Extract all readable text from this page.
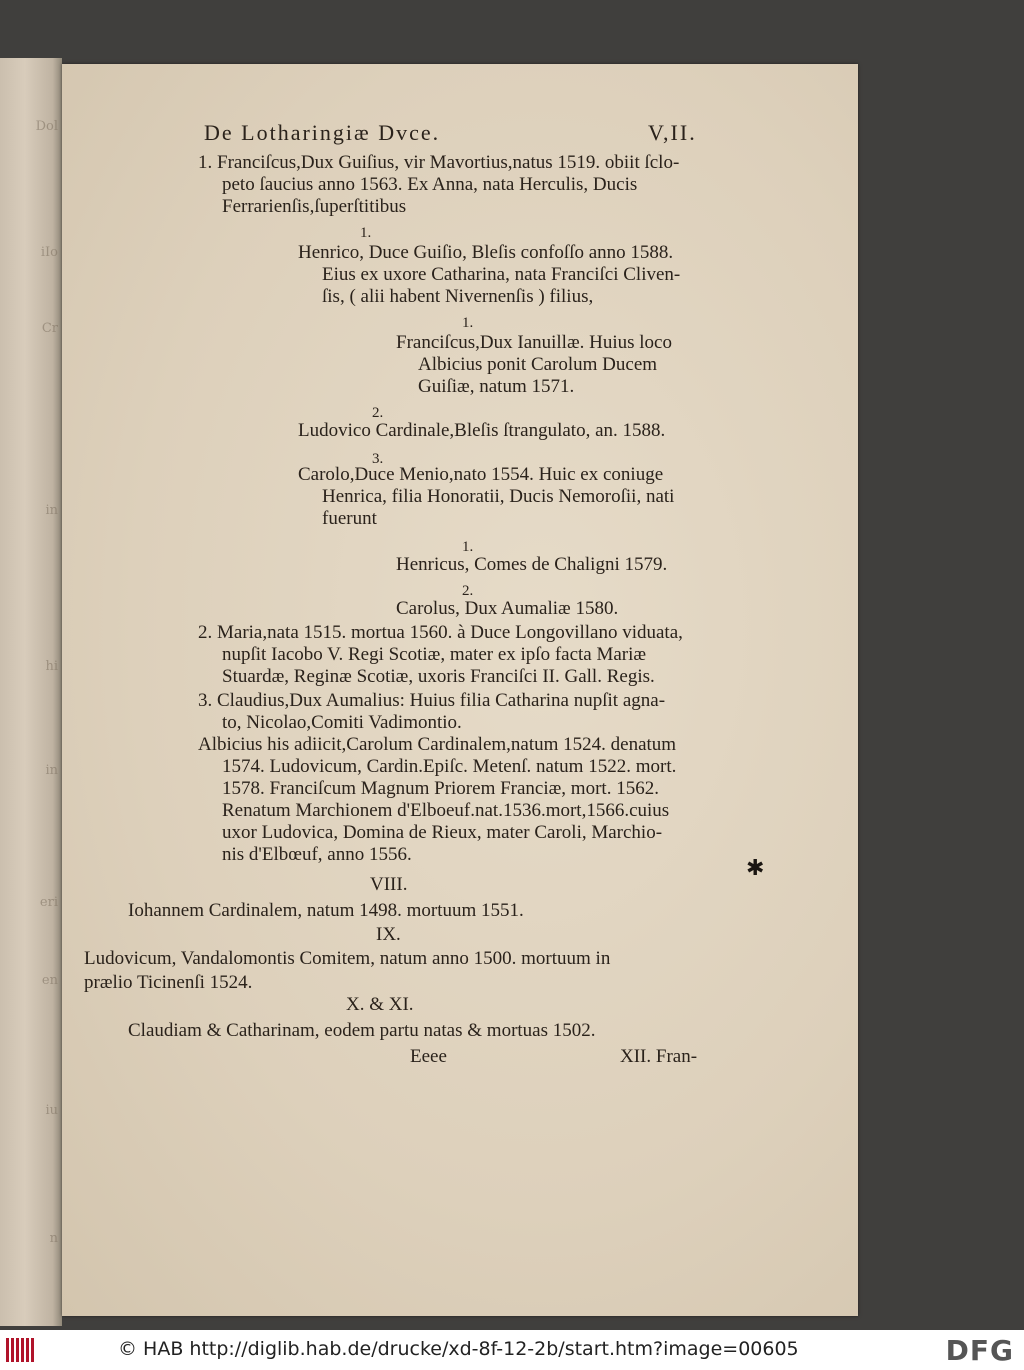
Dol
iIo
Cr
in
hi
in
eri
en
iu
n
De Lotharingiæ Dvce.	V,II.
1. Franciſcus,Dux Guiſius, vir Mavortius,natus 1519. obiit ſclo-
peto ſaucius anno 1563. Ex Anna, nata Herculis, Ducis
Ferrarienſis,ſuperſtitibus
1.
Henrico, Duce Guiſio, Bleſis confoſſo anno 1588.
Eius ex uxore Catharina, nata Franciſci Cliven-
ſis, ( alii habent Nivernenſis ) filius,
1.
Franciſcus,Dux Ianuillæ. Huius loco
Albicius ponit Carolum Ducem
Guiſiæ, natum 1571.
2.
Ludovico Cardinale,Bleſis ſtrangulato, an. 1588.
3.
Carolo,Duce Menio,nato 1554. Huic ex coniuge
Henrica, filia Honoratii, Ducis Nemoroſii, nati
fuerunt
1.
Henricus, Comes de Chaligni 1579.
2.
Carolus, Dux Aumaliæ 1580.
2. Maria,nata 1515. mortua 1560. à Duce Longovillano viduata,
nupſit Iacobo V. Regi Scotiæ, mater ex ipſo facta Mariæ
Stuardæ, Reginæ Scotiæ, uxoris Franciſci II. Gall. Regis.
3. Claudius,Dux Aumalius: Huius filia Catharina nupſit agna-
to, Nicolao,Comiti Vadimontio.
Albicius his adiicit,Carolum Cardinalem,natum 1524. denatum
1574. Ludovicum, Cardin.Epiſc. Metenſ. natum 1522. mort.
1578. Franciſcum Magnum Priorem Franciæ, mort. 1562.
Renatum Marchionem d'Elboeuf.nat.1536.mort,1566.cuius
uxor Ludovica, Domina de Rieux, mater Caroli, Marchio-
nis d'Elbœuf, anno 1556.
VIII.
Iohannem Cardinalem, natum 1498. mortuum 1551.
IX.
Ludovicum, Vandalomontis Comitem, natum anno 1500. mortuum in
prælio Ticinenſi 1524.
X. & XI.
Claudiam & Catharinam, eodem partu natas & mortuas 1502.
Eeee	XII. Fran-
✱
© HAB http://diglib.hab.de/drucke/xd-8f-12-2b/start.htm?image=00605	DFG
